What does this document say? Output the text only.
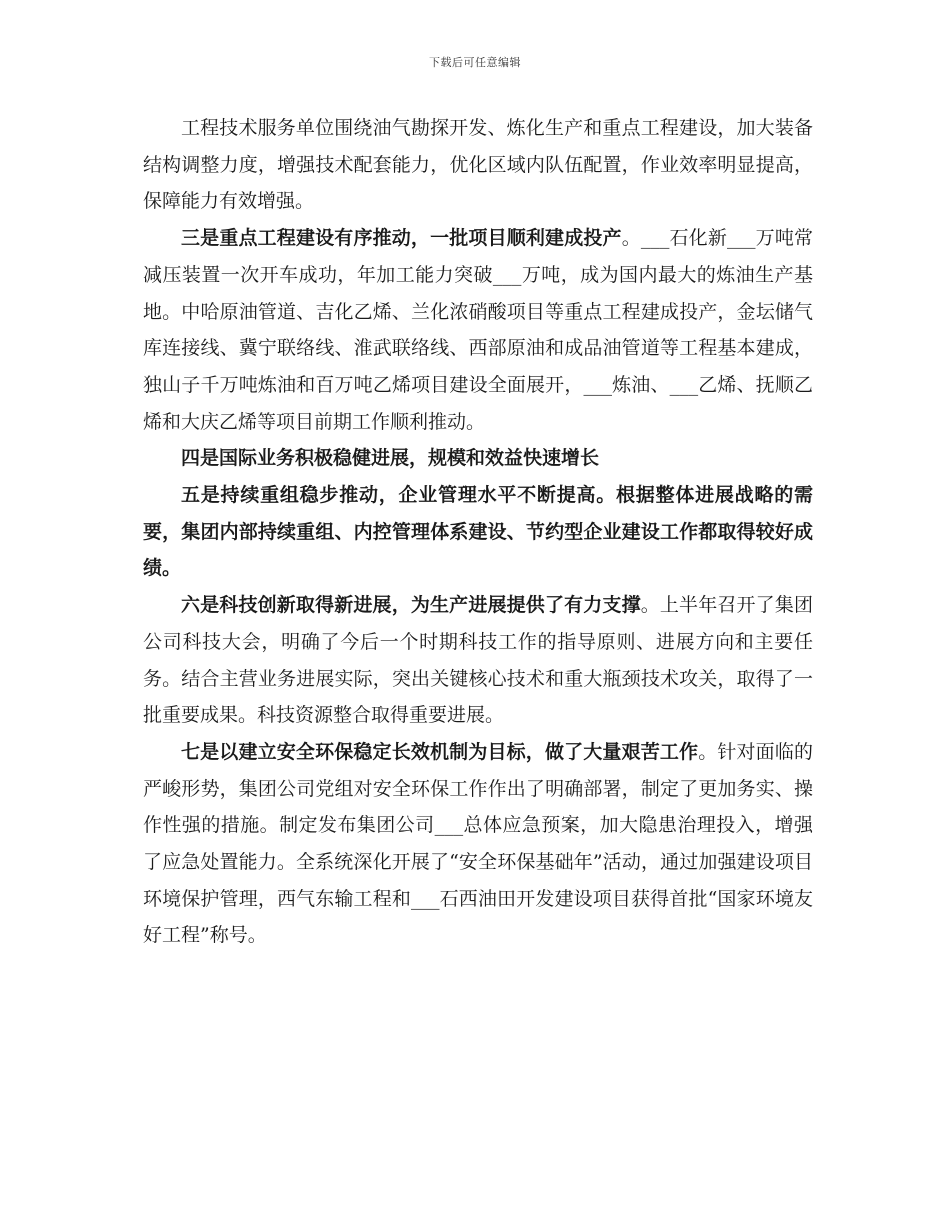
下载后可任意编辑

工程技术服务单位围绕油气勘探开发、炼化生产和重点工程建设，加大装备结构调整力度，增强技术配套能力，优化区域内队伍配置，作业效率明显提高，保障能力有效增强。

三是重点工程建设有序推动，一批项目顺利建成投产。___石化新___万吨常减压装置一次开车成功，年加工能力突破___万吨，成为国内最大的炼油生产基地。中哈原油管道、吉化乙烯、兰化浓硝酸项目等重点工程建成投产，金坛储气库连接线、冀宁联络线、淮武联络线、西部原油和成品油管道等工程基本建成，独山子千万吨炼油和百万吨乙烯项目建设全面展开，___炼油、___乙烯、抚顺乙烯和大庆乙烯等项目前期工作顺利推动。

四是国际业务积极稳健进展，规模和效益快速增长

五是持续重组稳步推动，企业管理水平不断提高。根据整体进展战略的需要，集团内部持续重组、内控管理体系建设、节约型企业建设工作都取得较好成绩。

六是科技创新取得新进展，为生产进展提供了有力支撑。上半年召开了集团公司科技大会，明确了今后一个时期科技工作的指导原则、进展方向和主要任务。结合主营业务进展实际，突出关键核心技术和重大瓶颈技术攻关，取得了一批重要成果。科技资源整合取得重要进展。

七是以建立安全环保稳定长效机制为目标，做了大量艰苦工作。针对面临的严峻形势，集团公司党组对安全环保工作作出了明确部署，制定了更加务实、操作性强的措施。制定发布集团公司___总体应急预案，加大隐患治理投入，增强了应急处置能力。全系统深化开展了“安全环保基础年”活动，通过加强建设项目环境保护管理，西气东输工程和___石西油田开发建设项目获得首批“国家环境友好工程”称号。
